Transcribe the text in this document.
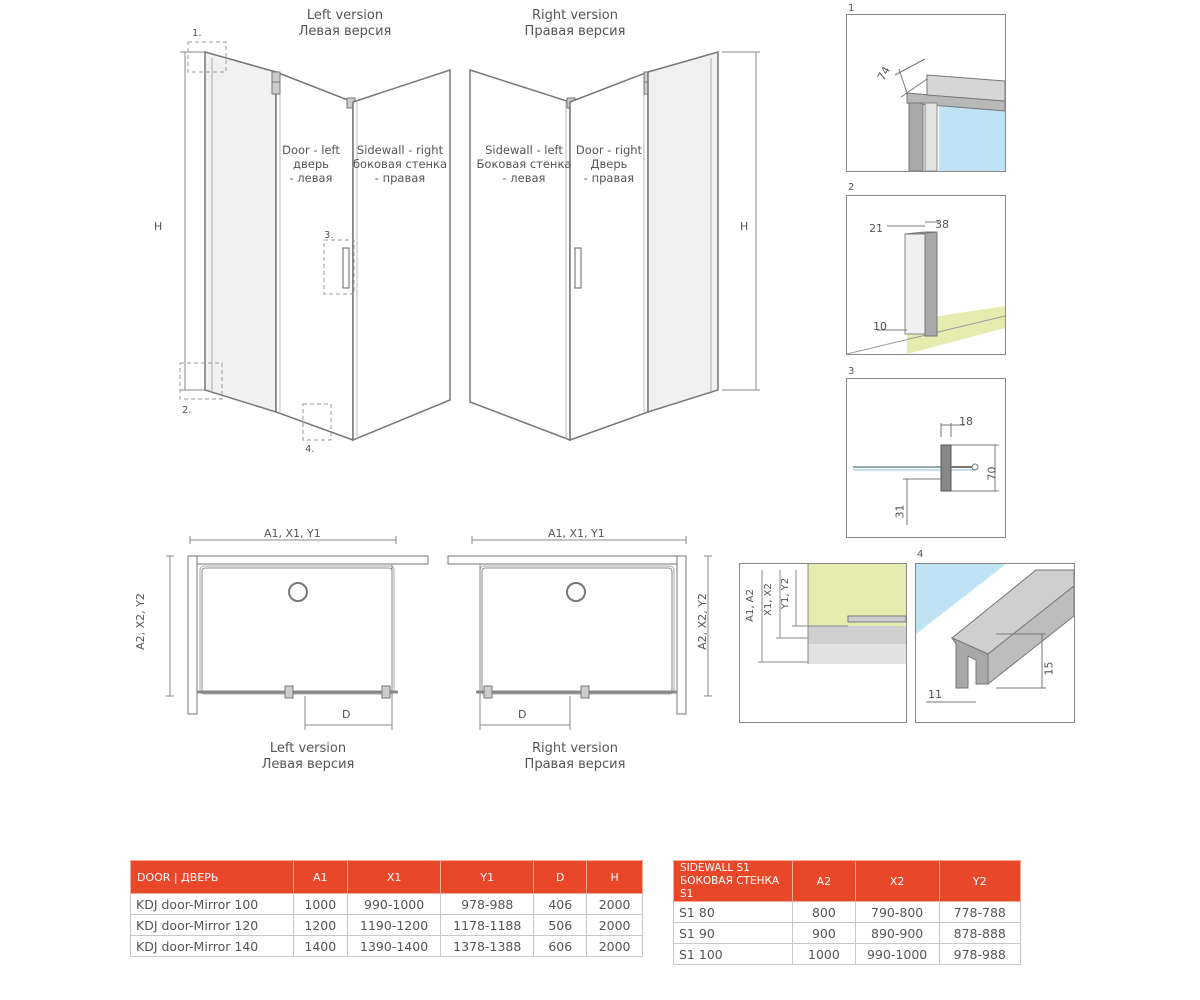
Left version
Левая версия
H
1.
2.
3.
4.
Door - left
дверь
- левая
Sidewall - right
боковая стенка
- правая
Right version
Правая версия
H
Sidewall - left
Боковая стенка
- левая
Door - right
Дверь
- правая
1
74
2
21	38
10
3
18
70
31
A1, X1, Y1
A2, X2, Y2
D
Left version
Левая версия
A1, X1, Y1
A2, X2, Y2
D
Right version
Правая версия
A1, A2 X1, X2 Y1, Y2
4
15
11
DOOR | ДВЕРЬ	A1	X1	Y1	D	H
KDJ door-Mirror 100	1000	990-1000	978-988	406	2000
KDJ door-Mirror 120	1200	1190-1200	1178-1188	506	2000
KDJ door-Mirror 140	1400	1390-1400	1378-1388	606	2000
SIDEWALL S1
БОКОВАЯ СТЕНКА S1	A2	X2	Y2
S1 80	800	790-800	778-788
S1 90	900	890-900	878-888
S1 100	1000	990-1000	978-988
